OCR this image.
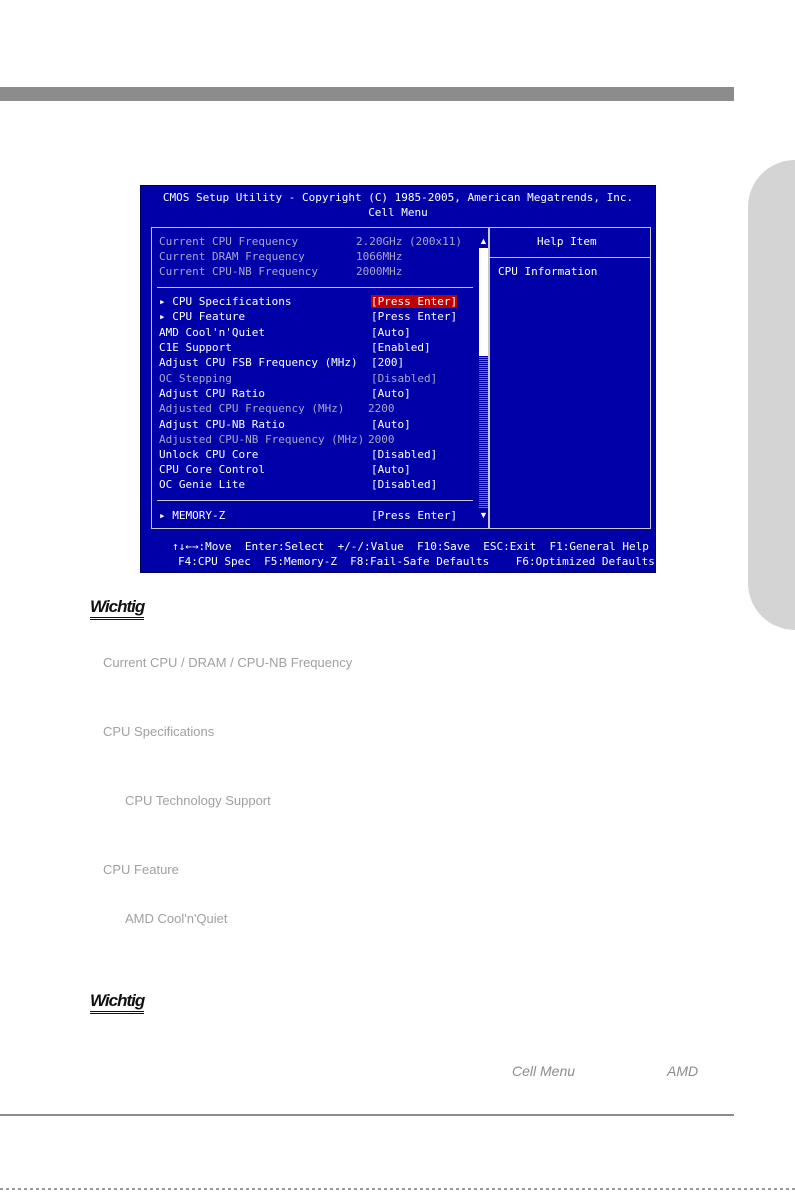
CMOS Setup Utility - Copyright (C) 1985-2005, American Megatrends, Inc.
Cell Menu
Current CPU Frequency	2.20GHz (200x11)
Current DRAM Frequency	1066MHz
Current CPU-NB Frequency	2000MHz
▸ CPU Specifications	[Press Enter]
▸ CPU Feature	[Press Enter]
AMD Cool'n'Quiet	[Auto]
C1E Support	[Enabled]
Adjust CPU FSB Frequency (MHz) [200]
OC Stepping	[Disabled]
Adjust CPU Ratio	[Auto]
Adjusted CPU Frequency (MHz) 2200
Adjust CPU-NB Ratio	[Auto]
Adjusted CPU-NB Frequency (MHz) 2000
Unlock CPU Core	[Disabled]
CPU Core Control	[Auto]
OC Genie Lite	[Disabled]
▸ MEMORY-Z	[Press Enter]
Help Item
CPU Information
↑↓←→:Move  Enter:Select  +/-/:Value  F10:Save  ESC:Exit  F1:General Help
F4:CPU Spec  F5:Memory-Z  F8:Fail-Safe Defaults    F6:Optimized Defaults
▲
▼
Wichtig
Current CPU / DRAM / CPU-NB Frequency
CPU Specifications
CPU Technology Support
CPU Feature
AMD Cool'n'Quiet
Wichtig
Cell Menu	AMD
